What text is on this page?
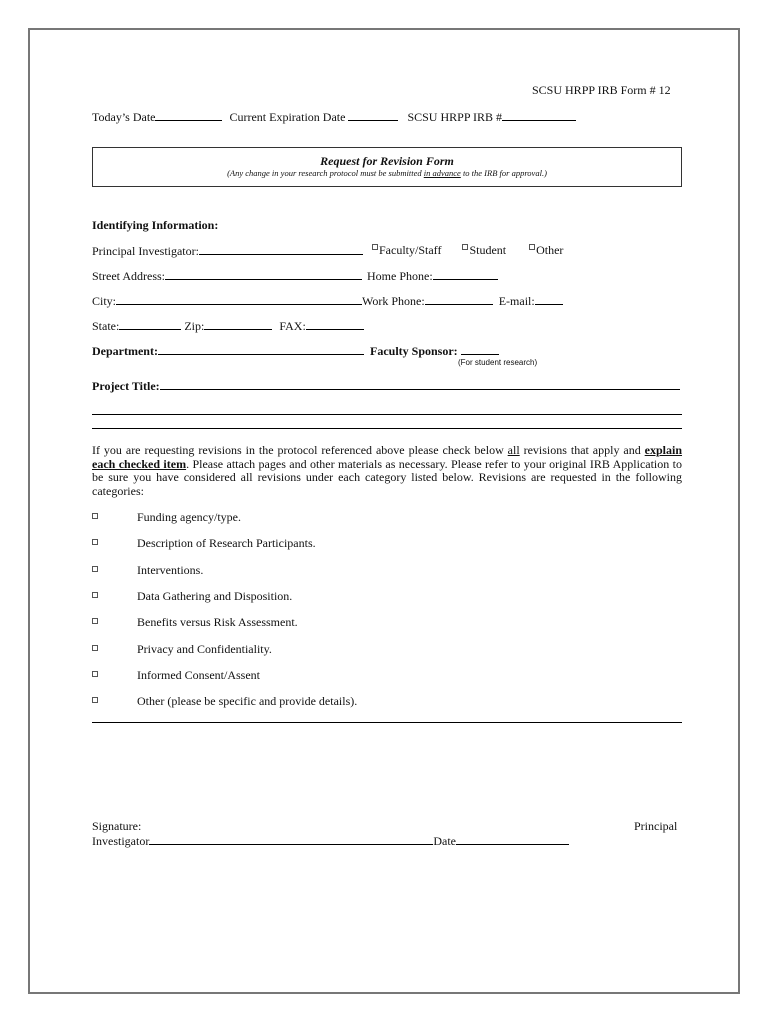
SCSU HRPP IRB Form # 12
Today’s Date	Current Expiration Date	SCSU HRPP IRB #
Request for Revision Form
(Any change in your research protocol must be submitted in advance to the IRB for approval.)
Identifying Information:
Principal Investigator:	Faculty/Staff Student	Other
Street Address:	Home Phone:
City:	Work Phone:	E-mail:
State:	Zip:	FAX:
Department:	Faculty Sponsor:
(For student research)
Project Title:
If you are requesting revisions in the protocol referenced above please check below all revisions that apply and explain each checked item. Please attach pages and other materials as necessary. Please refer to your original IRB Application to be sure you have considered all revisions under each category listed below. Revisions are requested in the following categories:
Funding agency/type.
Description of Research Participants.
Interventions.
Data Gathering and Disposition.
Benefits versus Risk Assessment.
Privacy and Confidentiality.
Informed Consent/Assent
Other (please be specific and provide details).
Signature:	Principal
Investigator	Date
